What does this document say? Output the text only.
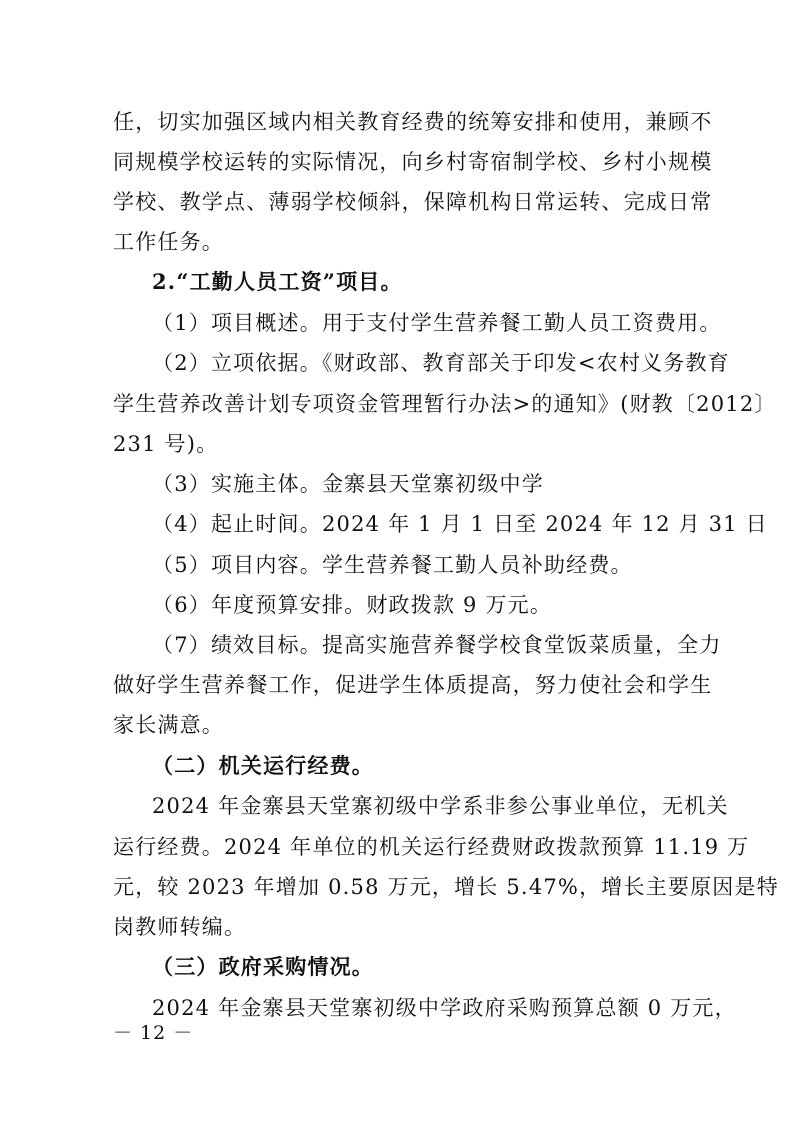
任，切实加强区域内相关教育经费的统筹安排和使用，兼顾不
同规模学校运转的实际情况，向乡村寄宿制学校、乡村小规模
学校、教学点、薄弱学校倾斜，保障机构日常运转、完成日常
工作任务。
2.“工勤人员工资”项目。
（1）项目概述。用于支付学生营养餐工勤人员工资费用。
（2）立项依据。《财政部、教育部关于印发<农村义务教育
学生营养改善计划专项资金管理暂行办法>的通知》(财教〔2012〕
231 号)。
（3）实施主体。金寨县天堂寨初级中学
（4）起止时间。2024 年 1 月 1 日至 2024 年 12 月 31 日
（5）项目内容。学生营养餐工勤人员补助经费。
（6）年度预算安排。财政拨款 9 万元。
（7）绩效目标。提高实施营养餐学校食堂饭菜质量，全力
做好学生营养餐工作，促进学生体质提高，努力使社会和学生
家长满意。
（二）机关运行经费。
2024 年金寨县天堂寨初级中学系非参公事业单位，无机关
运行经费。2024 年单位的机关运行经费财政拨款预算 11.19 万
元，较 2023 年增加 0.58 万元，增长 5.47%，增长主要原因是特
岗教师转编。
（三）政府采购情况。
2024 年金寨县天堂寨初级中学政府采购预算总额 0 万元，
－ 12 －
